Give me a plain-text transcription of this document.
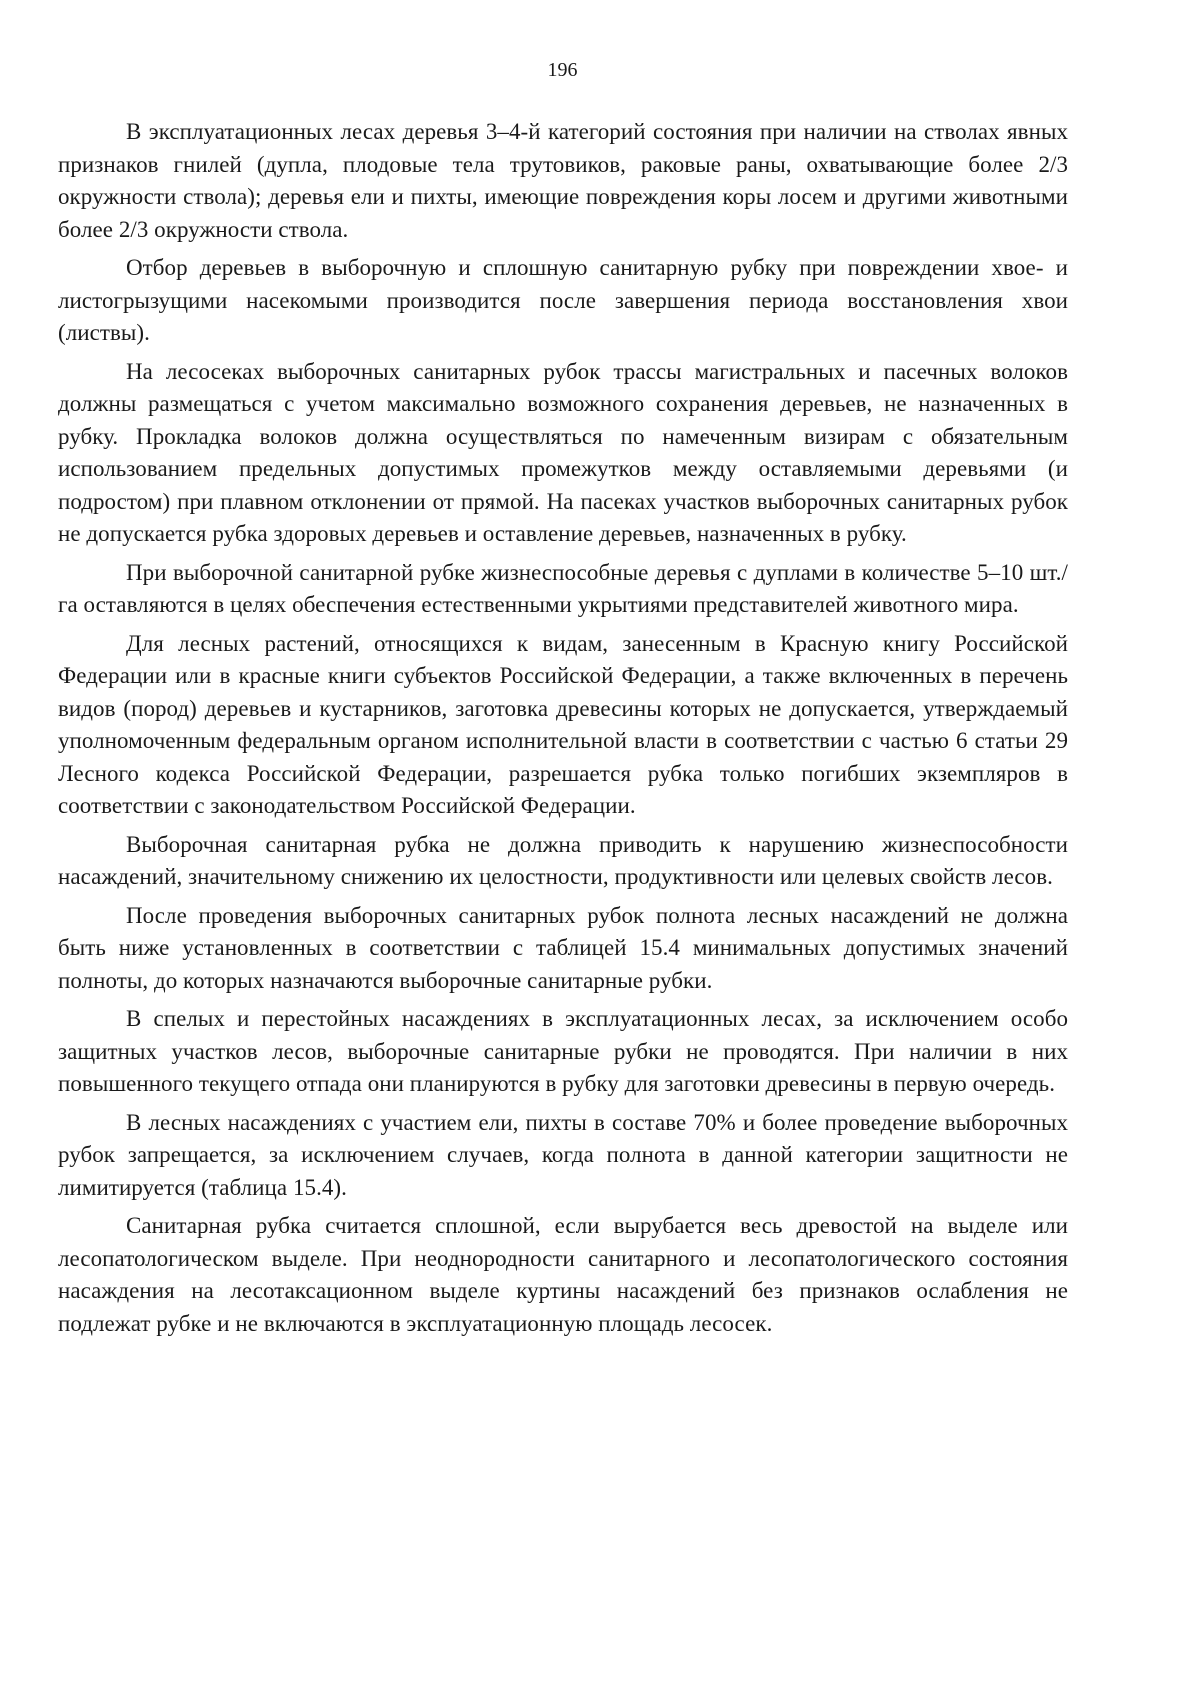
196

В эксплуатационных лесах деревья 3–4-й категорий состояния при наличии на стволах явных признаков гнилей (дупла, плодовые тела трутовиков, раковые раны, охватывающие более 2/3 окружности ствола); деревья ели и пихты, имеющие повреждения коры лосем и другими животными более 2/3 окружности ствола.

Отбор деревьев в выборочную и сплошную санитарную рубку при повреждении хвое- и листогрызущими насекомыми производится после завершения периода восстановления хвои (листвы).

На лесосеках выборочных санитарных рубок трассы магистральных и пасечных волоков должны размещаться с учетом максимально возможного сохранения деревьев, не назначенных в рубку. Прокладка волоков должна осуществляться по намеченным визирам с обязательным использованием предельных допустимых промежутков между оставляемыми деревьями (и подростом) при плавном отклонении от прямой. На пасеках участков выборочных санитарных рубок не допускается рубка здоровых деревьев и оставление деревьев, назначенных в рубку.

При выборочной санитарной рубке жизнеспособные деревья с дуплами в количестве 5–10 шт./га оставляются в целях обеспечения естественными укрытиями представителей животного мира.

Для лесных растений, относящихся к видам, занесенным в Красную книгу Российской Федерации или в красные книги субъектов Российской Федерации, а также включенных в перечень видов (пород) деревьев и кустарников, заготовка древесины которых не допускается, утверждаемый уполномоченным федеральным органом исполнительной власти в соответствии с частью 6 статьи 29 Лесного кодекса Российской Федерации, разрешается рубка только погибших экземпляров в соответствии с законодательством Российской Федерации.

Выборочная санитарная рубка не должна приводить к нарушению жизнеспособности насаждений, значительному снижению их целостности, продуктивности или целевых свойств лесов.

После проведения выборочных санитарных рубок полнота лесных насаждений не должна быть ниже установленных в соответствии с таблицей 15.4 минимальных допустимых значений полноты, до которых назначаются выборочные санитарные рубки.

В спелых и перестойных насаждениях в эксплуатационных лесах, за исключением особо защитных участков лесов, выборочные санитарные рубки не проводятся. При наличии в них повышенного текущего отпада они планируются в рубку для заготовки древесины в первую очередь.

В лесных насаждениях с участием ели, пихты в составе 70% и более проведение выборочных рубок запрещается, за исключением случаев, когда полнота в данной категории защитности не лимитируется (таблица 15.4).

Санитарная рубка считается сплошной, если вырубается весь древостой на выделе или лесопатологическом выделе. При неоднородности санитарного и лесопатологического состояния насаждения на лесотаксационном выделе куртины насаждений без признаков ослабления не подлежат рубке и не включаются в эксплуатационную площадь лесосек.
